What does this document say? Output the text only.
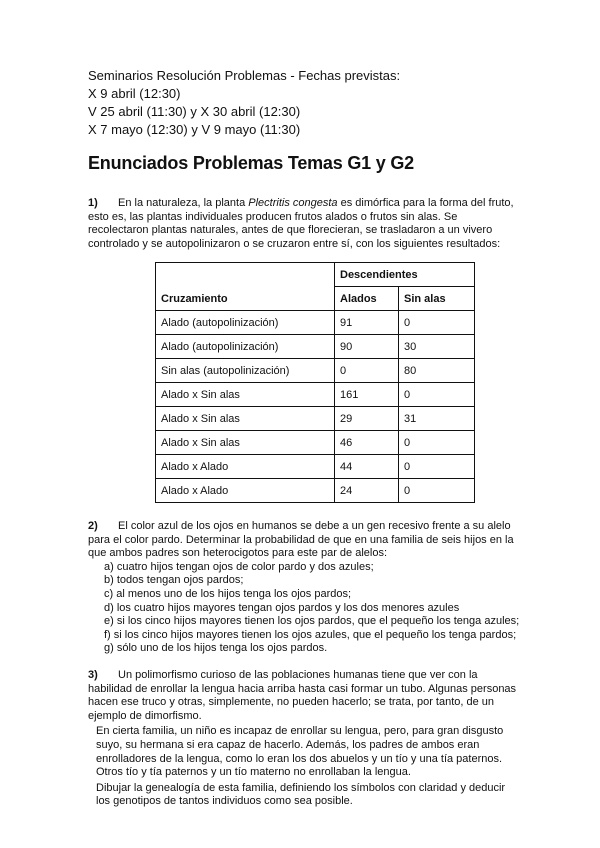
Seminarios Resolución Problemas - Fechas previstas:
X 9 abril (12:30)
V 25 abril (11:30) y X 30 abril (12:30)
X 7 mayo (12:30) y V 9 mayo (11:30)
Enunciados Problemas Temas G1 y G2

1) En la naturaleza, la planta Plectritis congesta es dimórfica para la forma del fruto, esto es, las plantas individuales producen frutos alados o frutos sin alas. Se recolectaron plantas naturales, antes de que florecieran, se trasladaron a un vivero controlado y se autopolinizaron o se cruzaron entre sí, con los siguientes resultados:

Cruzamiento	Descendientes	
	Alados	Sin alas
Alado (autopolinización)	91	0
Alado (autopolinización)	90	30
Sin alas (autopolinización)	0	80
Alado x Sin alas	161	0
Alado x Sin alas	29	31
Alado x Sin alas	46	0
Alado x Alado	44	0
Alado x Alado	24	0

2) El color azul de los ojos en humanos se debe a un gen recesivo frente a su alelo para el color pardo. Determinar la probabilidad de que en una familia de seis hijos en la que ambos padres son heterocigotos para este par de alelos:

a) cuatro hijos tengan ojos de color pardo y dos azules;
b) todos tengan ojos pardos;
c) al menos uno de los hijos tenga los ojos pardos;
d) los cuatro hijos mayores tengan ojos pardos y los dos menores azules
e) si los cinco hijos mayores tienen los ojos pardos, que el pequeño los tenga azules;
f) si los cinco hijos mayores tienen los ojos azules, que el pequeño los tenga pardos;
g) sólo uno de los hijos tenga los ojos pardos.

3) Un polimorfismo curioso de las poblaciones humanas tiene que ver con la habilidad de enrollar la lengua hacia arriba hasta casi formar un tubo. Algunas personas hacen ese truco y otras, simplemente, no pueden hacerlo; se trata, por tanto, de un ejemplo de dimorfismo.

En cierta familia, un niño es incapaz de enrollar su lengua, pero, para gran disgusto suyo, su hermana si era capaz de hacerlo. Además, los padres de ambos eran enrolladores de la lengua, como lo eran los dos abuelos y un tío y una tía paternos. Otros tío y tía paternos y un tío materno no enrollaban la lengua.

Dibujar la genealogía de esta familia, definiendo los símbolos con claridad y deducir los genotipos de tantos individuos como sea posible.
